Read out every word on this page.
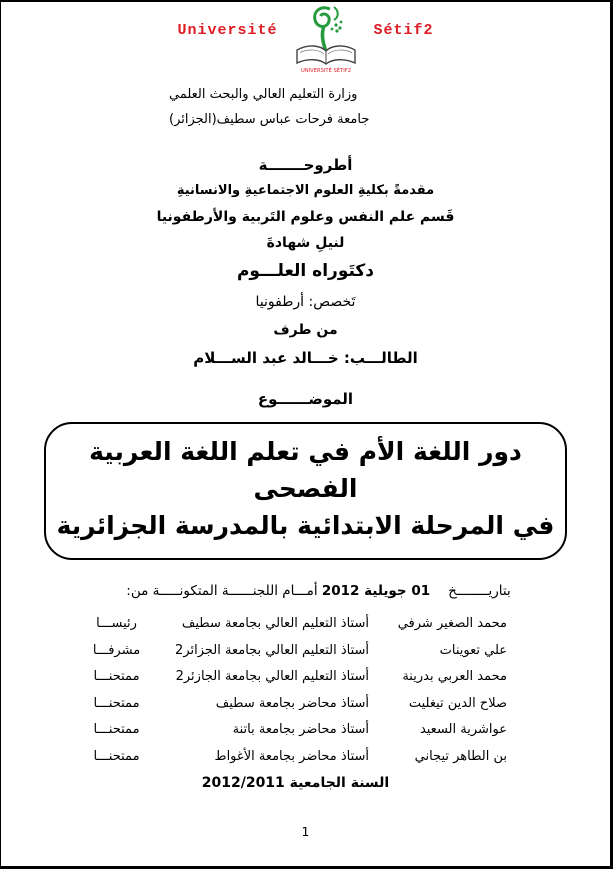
Université
UNIVERSITÉ SÉTIF2
Sétif2
وزارة التعليم العالي والبحث العلمي
جامعة فرحات عباس سطيف(الجزائر)
أطروحـــــــة
مقدمةً بكليةِ العلوم الاجتماعيةِ والانسانيةِ
قَسم علم النفس وعلوم التَربية والأرطفونيا
لنيلِ شهادةَ
دكتَوراه العلـــوم
تَخصص: أرطفونيا
من طرف
الطالـــب: خـــالد عبد الســـلام
الموضــــــوع
دور اللغة الأم في تعلم اللغة العربية الفصحى
في المرحلة الابتدائية بالمدرسة الجزائرية
بتاريــــــــخ01 جويلية 2012 أمـــام اللجنــــــة المتكونـــــة من:
محمد الصغير شرفي
أستاذ التعليم العالي بجامعة سطيف
رئيســـا
علي تعوينات
أستاذ التعليم العالي بجامعة الجزائر2
مشرفـــا
محمد العربي بدرينة
أستاذ التعليم العالي بجامعة الجازئر2
ممتحنـــا
صلاح الدين تيغليت
أستاذ محاضر بجامعة سطيف
ممتحنـــا
عواشرية السعيد
أستاذ محاضر بجامعة باتنة
ممتحنـــا
بن الطاهر تيجاني
أستاذ محاضر بجامعة الأغواط
ممتحنـــا
السنة الجامعية 2012/2011
1
